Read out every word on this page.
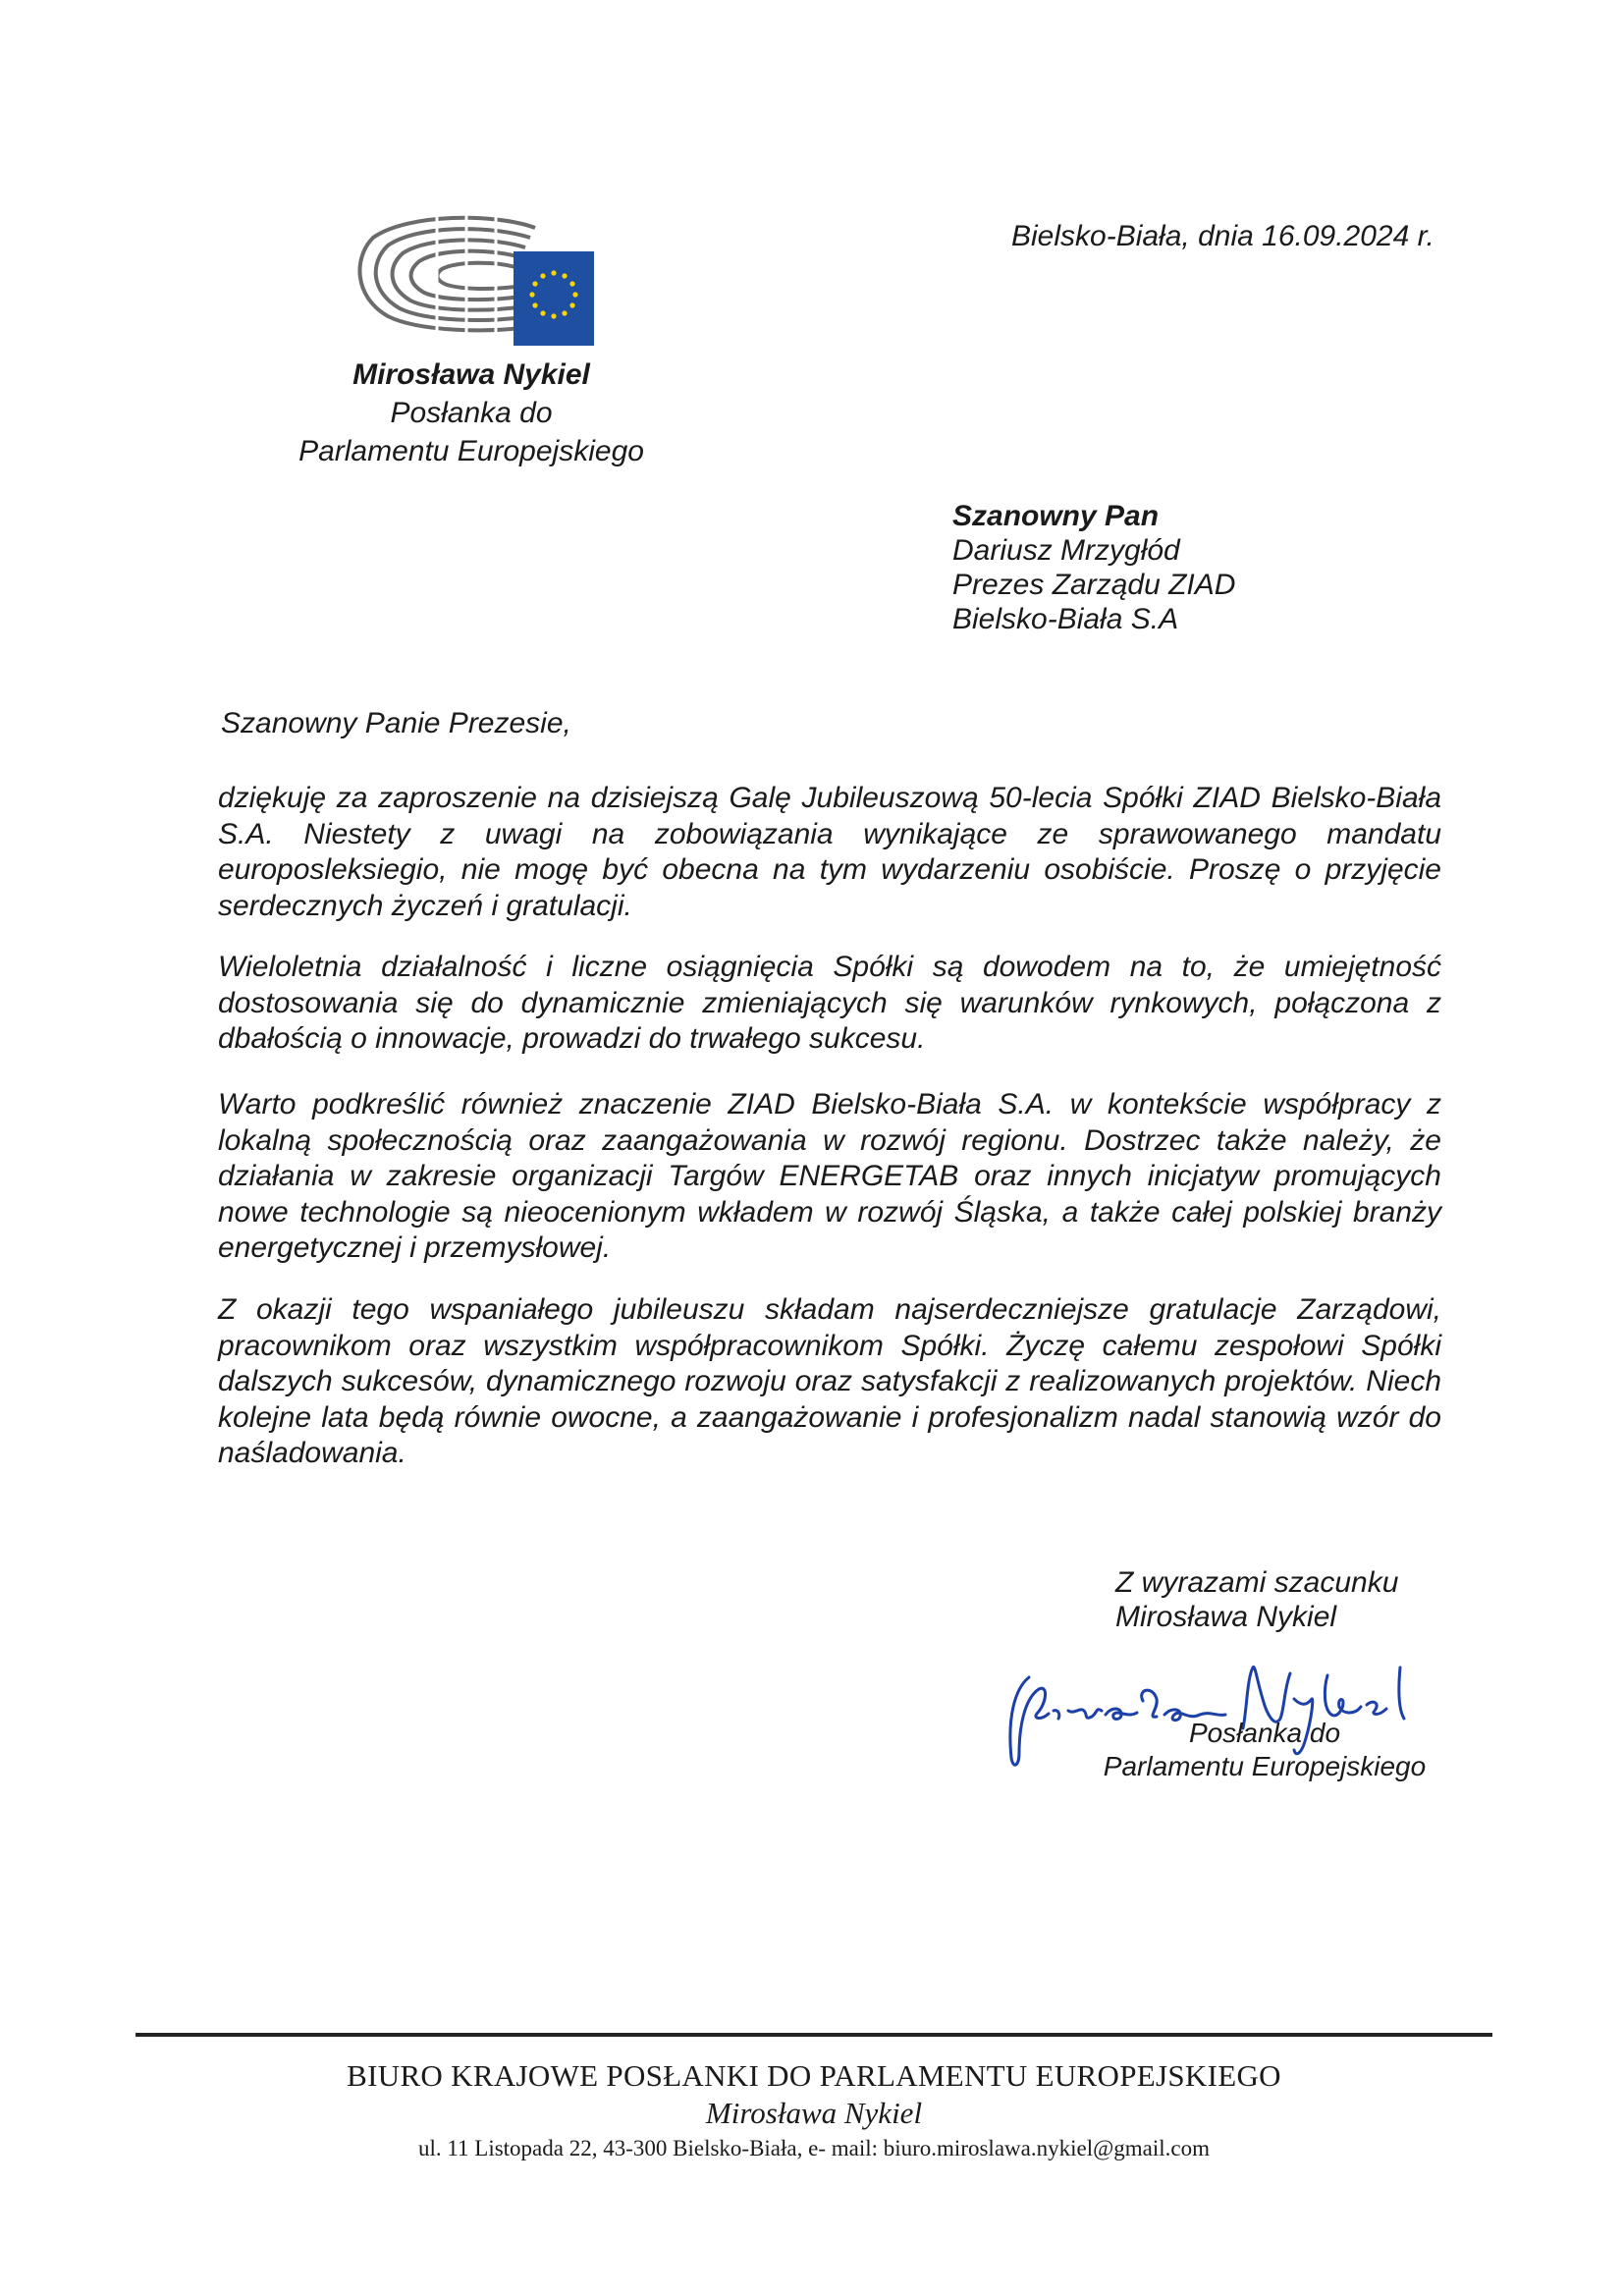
Bielsko-Biała, dnia 16.09.2024 r.
Mirosława Nykiel
Posłanka do
Parlamentu Europejskiego
Szanowny Pan
Dariusz Mrzygłód
Prezes Zarządu ZIAD
Bielsko-Biała S.A
Szanowny Panie Prezesie,
dziękuję za zaproszenie na dzisiejszą Galę Jubileuszową 50-lecia Spółki ZIAD Bielsko-Biała S.A. Niestety z uwagi na zobowiązania wynikające ze sprawowanego mandatu europosleksiegio, nie mogę być obecna na tym wydarzeniu osobiście. Proszę o przyjęcie serdecznych życzeń i gratulacji.
Wieloletnia działalność i liczne osiągnięcia Spółki są dowodem na to, że umiejętność dostosowania się do dynamicznie zmieniających się warunków rynkowych, połączona z dbałością o innowacje, prowadzi do trwałego sukcesu.
Warto podkreślić również znaczenie ZIAD Bielsko-Biała S.A. w kontekście współpracy z lokalną społecznością oraz zaangażowania w rozwój regionu. Dostrzec także należy, że działania w zakresie organizacji Targów ENERGETAB oraz innych inicjatyw promujących nowe technologie są nieocenionym wkładem w rozwój Śląska, a także całej polskiej branży energetycznej i przemysłowej.
Z okazji tego wspaniałego jubileuszu składam najserdeczniejsze gratulacje Zarządowi, pracownikom oraz wszystkim współpracownikom Spółki. Życzę całemu zespołowi Spółki dalszych sukcesów, dynamicznego rozwoju oraz satysfakcji z realizowanych projektów. Niech kolejne lata będą równie owocne, a zaangażowanie i profesjonalizm nadal stanowią wzór do naśladowania.
Z wyrazami szacunku
Mirosława Nykiel
Posłanka do
Parlamentu Europejskiego
BIURO KRAJOWE POSŁANKI DO PARLAMENTU EUROPEJSKIEGO
Mirosława Nykiel
ul. 11 Listopada 22, 43-300 Bielsko-Biała, e- mail: biuro.miroslawa.nykiel@gmail.com
